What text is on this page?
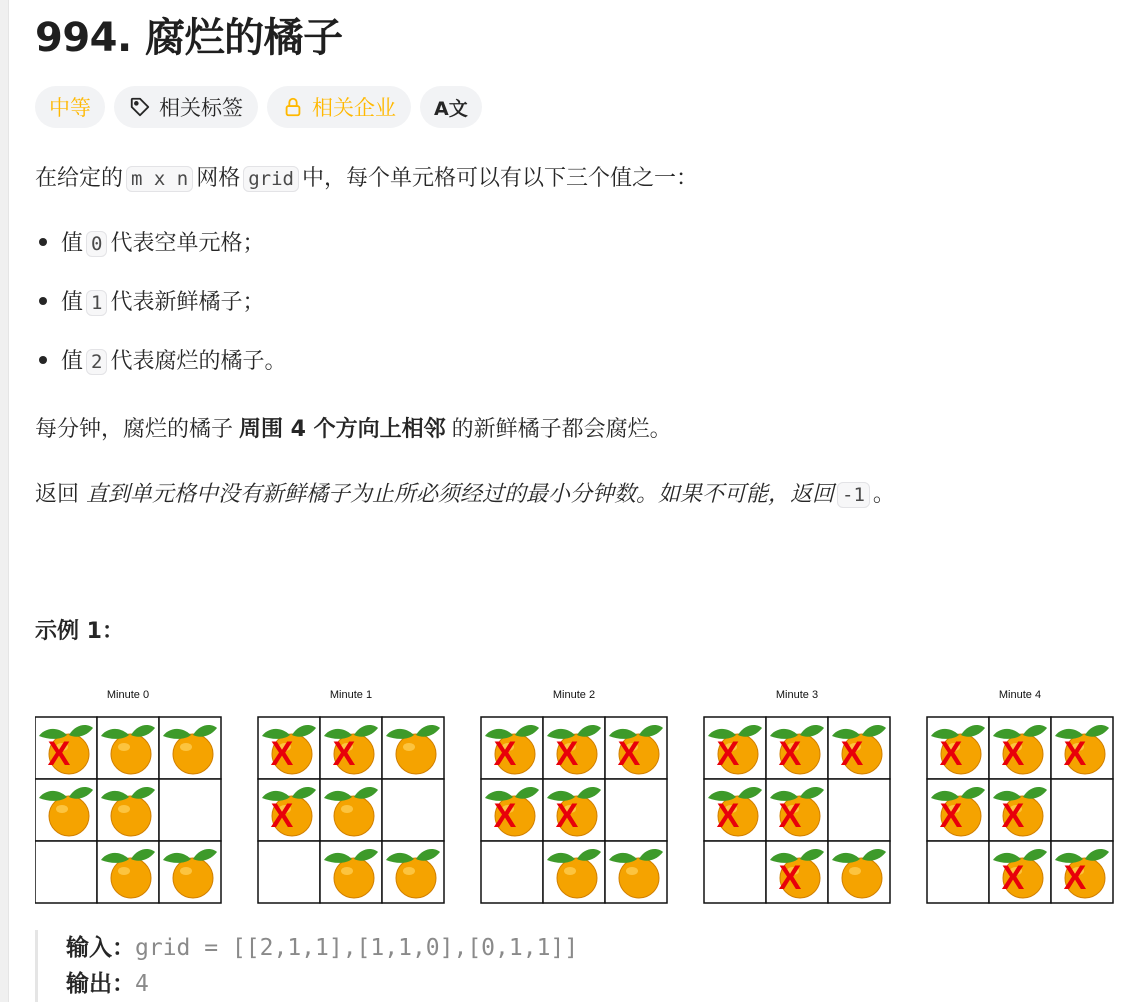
994. 腐烂的橘子
中等	相关标签	相关企业 A文
在给定的 m x n 网格 grid 中，每个单元格可以有以下三个值之一：
值 0 代表空单元格；
值 1 代表新鲜橘子；
值 2 代表腐烂的橘子。
每分钟，腐烂的橘子 周围 4 个方向上相邻 的新鲜橘子都会腐烂。
返回 直到单元格中没有新鲜橘子为止所必须经过的最小分钟数。如果不可能，返回 -1 。
示例 1：
Minute 0
X
Minute 1
X X
X
Minute 2
X X X
X X
Minute 3
X X X
X X
X
Minute 4
X X X
X X
X X
输入：grid = [[2,1,1],[1,1,0],[0,1,1]]
输出：4
